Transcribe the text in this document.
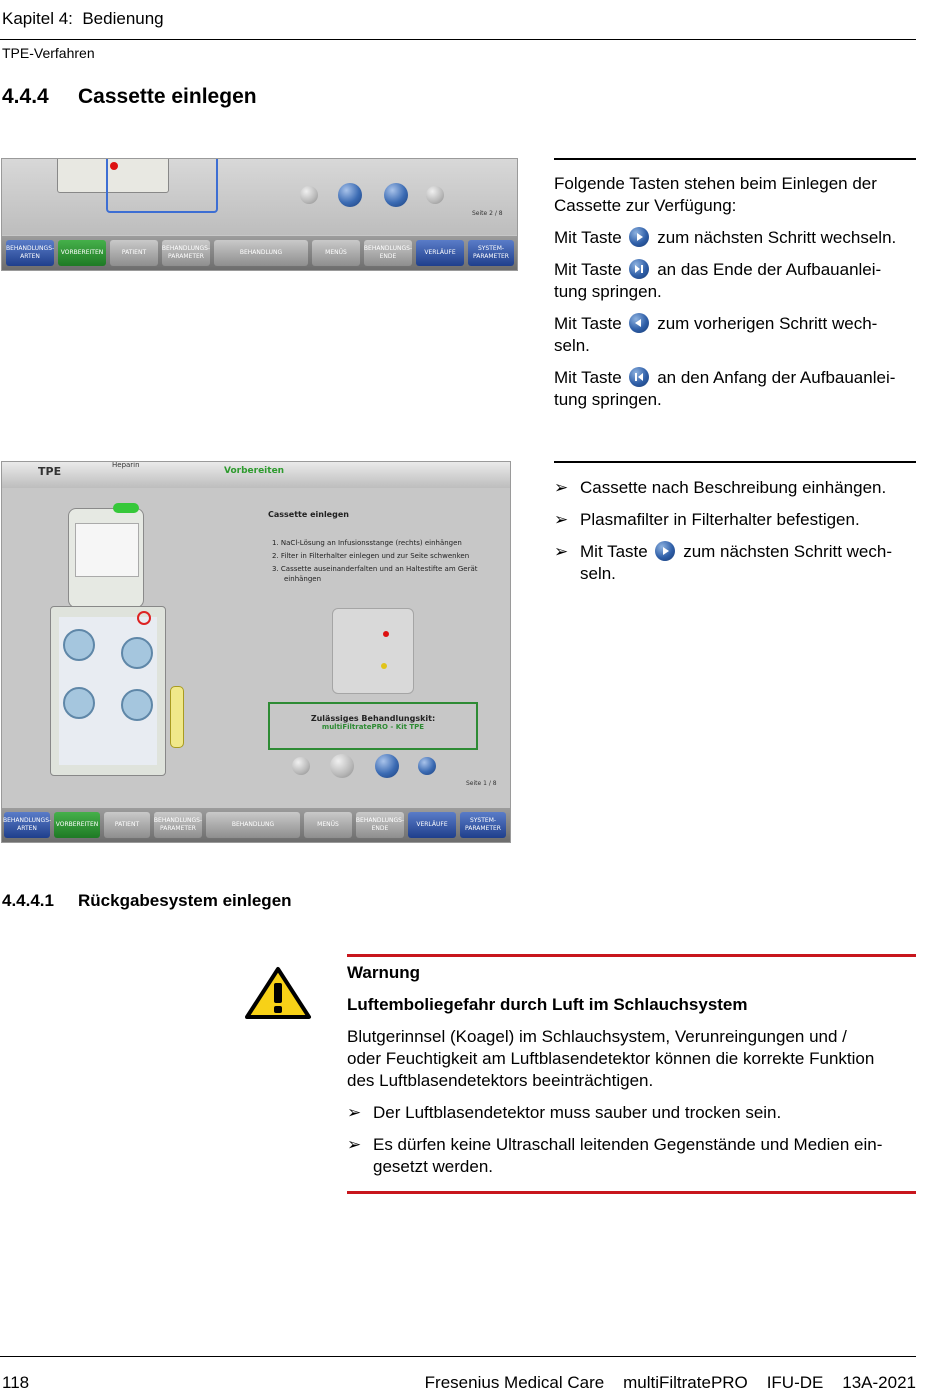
Kapitel 4: Bedienung
TPE-Verfahren
4.4.4 Cassette einlegen
Seite 2 / 8
BEHANDLUNGS-ARTEN
VORBEREITEN	PATIENT
BEHANDLUNGS-PARAMETER
BEHANDLUNG	MENÜS
BEHANDLUNGS-ENDE
VERLÄUFE
SYSTEM-PARAMETER
Folgende Tasten stehen beim Einlegen der
Cassette zur Verfügung:
Mit Taste zum nächsten Schritt wechseln.
Mit Taste an das Ende der Aufbauanlei-
tung springen.
Mit Taste zum vorherigen Schritt wech-
seln.
Mit Taste an den Anfang der Aufbauanlei-
tung springen.
TPE	Heparin
Vorbereiten
Cassette einlegen
1. NaCl-Lösung an Infusionsstange (rechts) einhängen
2. Filter in Filterhalter einlegen und zur Seite schwenken
3. Cassette auseinanderfalten und an Haltestifte am Gerät
einhängen
Zulässiges Behandlungskit:
multiFiltratePRO - Kit TPE
Seite 1 / 8
BEHANDLUNGS-ARTEN
VORBEREITEN	PATIENT
BEHANDLUNGS-PARAMETER
BEHANDLUNG	MENÜS
BEHANDLUNGS-ENDE
VERLÄUFE
SYSTEM-PARAMETER
➢ Cassette nach Beschreibung einhängen.
➢ Plasmafilter in Filterhalter befestigen.
➢ Mit Taste zum nächsten Schritt wech-
seln.
4.4.4.1 Rückgabesystem einlegen
Warnung
Luftemboliegefahr durch Luft im Schlauchsystem
Blutgerinnsel (Koagel) im Schlauchsystem, Verunreingungen und /
oder Feuchtigkeit am Luftblasendetektor können die korrekte Funktion
des Luftblasendetektors beeinträchtigen.
➢ Der Luftblasendetektor muss sauber und trocken sein.
➢ Es dürfen keine Ultraschall leitenden Gegenstände und Medien ein-
gesetzt werden.
118	Fresenius Medical Care multiFiltratePRO IFU-DE 13A-2021
